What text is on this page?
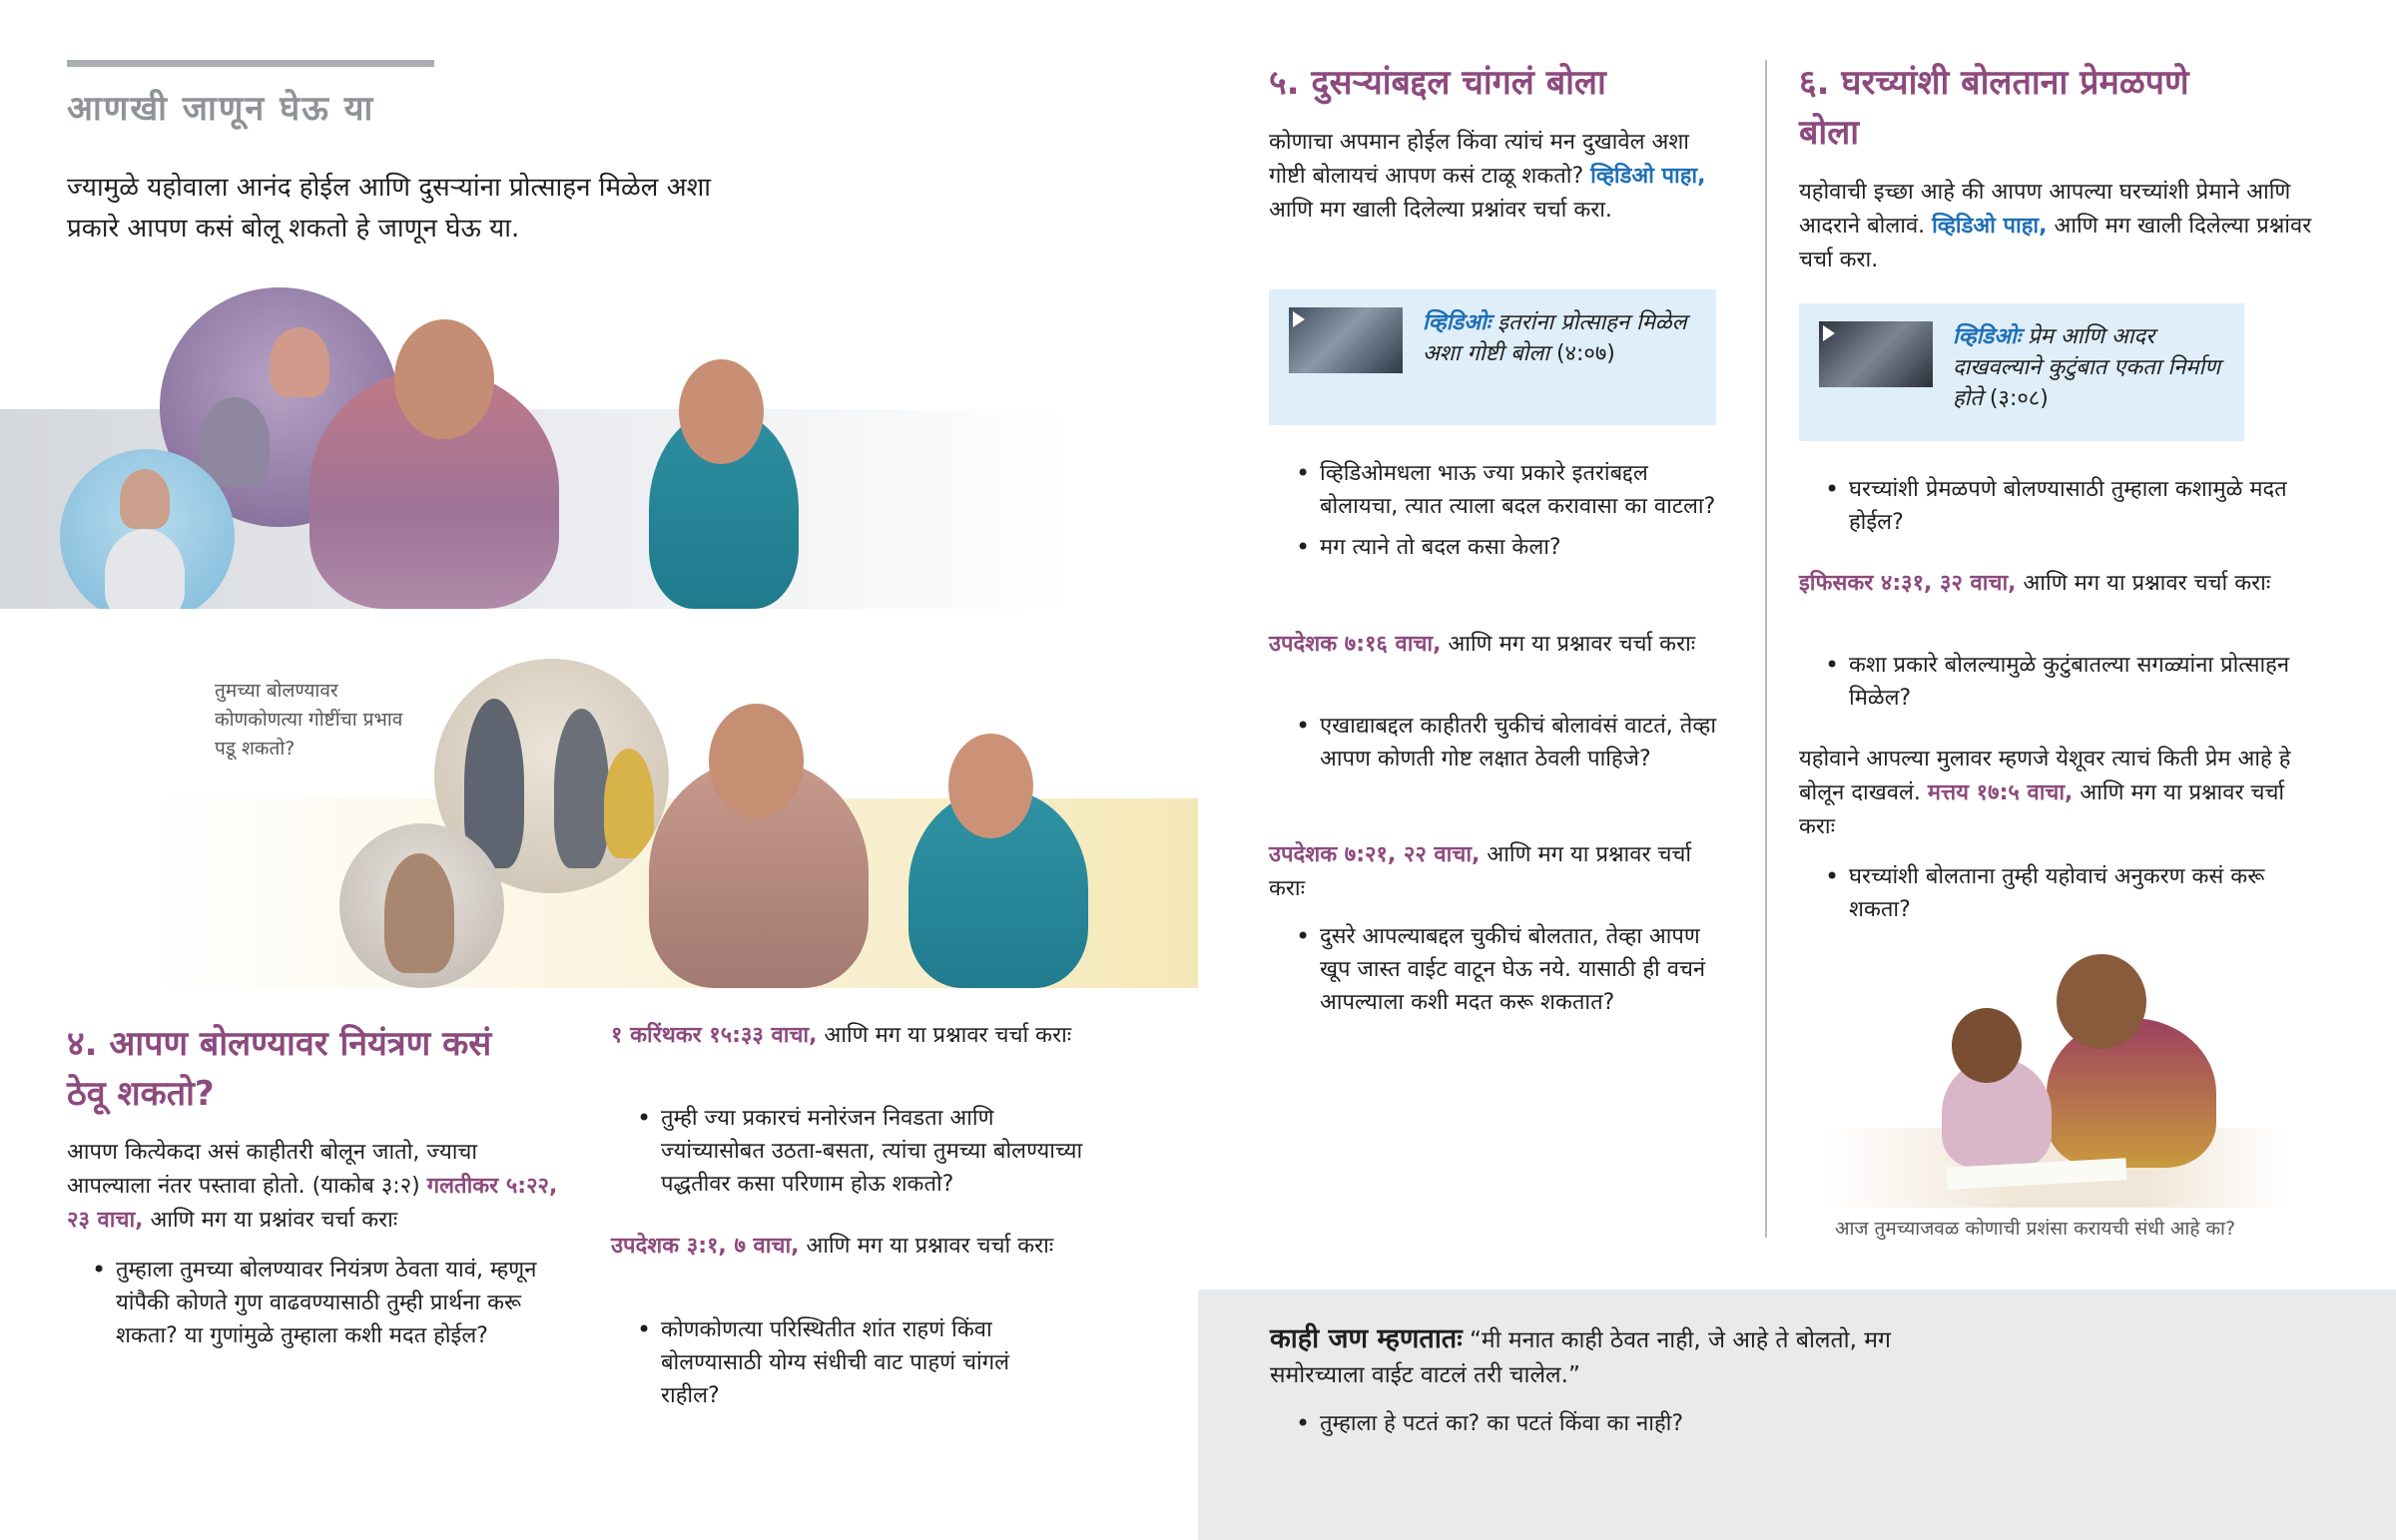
आणखी जाणून घेऊ या

ज्यामुळे यहोवाला आनंद होईल आणि दुसऱ्यांना प्रोत्साहन मिळेल अशा प्रकारे आपण कसं बोलू शकतो हे जाणून घेऊ या.

तुमच्या बोलण्यावर कोणकोणत्या गोष्टींचा प्रभाव पडू शकतो?

४. आपण बोलण्यावर नियंत्रण कसं ठेवू शकतो?

आपण कित्येकदा असं काहीतरी बोलून जातो, ज्याचा आपल्याला नंतर पस्तावा होतो. (याकोब ३:२) गलतीकर ५:२२, २३ वाचा, आणि मग या प्रश्नांवर चर्चा कराः

• तुम्हाला तुमच्या बोलण्यावर नियंत्रण ठेवता यावं, म्हणून यांपैकी कोणते गुण वाढवण्यासाठी तुम्ही प्रार्थना करू शकता? या गुणांमुळे तुम्हाला कशी मदत होईल?

१ करिंथकर १५:३३ वाचा, आणि मग या प्रश्नावर चर्चा कराः

• तुम्ही ज्या प्रकारचं मनोरंजन निवडता आणि ज्यांच्यासोबत उठता-बसता, त्यांचा तुमच्या बोलण्याच्या पद्धतीवर कसा परिणाम होऊ शकतो?

उपदेशक ३:१, ७ वाचा, आणि मग या प्रश्नावर चर्चा कराः

• कोणकोणत्या परिस्थितीत शांत राहणं किंवा बोलण्यासाठी योग्य संधीची वाट पाहणं चांगलं राहील?
५. दुसऱ्यांबद्दल चांगलं बोला

कोणाचा अपमान होईल किंवा त्यांचं मन दुखावेल अशा गोष्टी बोलायचं आपण कसं टाळू शकतो? व्हिडिओ पाहा, आणि मग खाली दिलेल्या प्रश्नांवर चर्चा करा.

व्हिडिओः इतरांना प्रोत्साहन मिळेल अशा गोष्टी बोला (४:०७)
• व्हिडिओमधला भाऊ ज्या प्रकारे इतरांबद्दल बोलायचा, त्यात त्याला बदल करावासा का वाटला?
• मग त्याने तो बदल कसा केला?

उपदेशक ७:१६ वाचा, आणि मग या प्रश्नावर चर्चा कराः

• एखाद्याबद्दल काहीतरी चुकीचं बोलावंसं वाटतं, तेव्हा आपण कोणती गोष्ट लक्षात ठेवली पाहिजे?

उपदेशक ७:२१, २२ वाचा, आणि मग या प्रश्नावर चर्चा कराः

• दुसरे आपल्याबद्दल चुकीचं बोलतात, तेव्हा आपण खूप जास्त वाईट वाटून घेऊ नये. यासाठी ही वचनं आपल्याला कशी मदत करू शकतात?
६. घरच्यांशी बोलताना प्रेमळपणे बोला

यहोवाची इच्छा आहे की आपण आपल्या घरच्यांशी प्रेमाने आणि आदराने बोलावं. व्हिडिओ पाहा, आणि मग खाली दिलेल्या प्रश्नांवर चर्चा करा.

व्हिडिओः प्रेम आणि आदर दाखवल्याने कुटुंबात एकता निर्माण होते (३:०८)
• घरच्यांशी प्रेमळपणे बोलण्यासाठी तुम्हाला कशामुळे मदत होईल?

इफिसकर ४:३१, ३२ वाचा, आणि मग या प्रश्नावर चर्चा कराः

• कशा प्रकारे बोलल्यामुळे कुटुंबातल्या सगळ्यांना प्रोत्साहन मिळेल?

यहोवाने आपल्या मुलावर म्हणजे येशूवर त्याचं किती प्रेम आहे हे बोलून दाखवलं. मत्तय १७:५ वाचा, आणि मग या प्रश्नावर चर्चा कराः

• घरच्यांशी बोलताना तुम्ही यहोवाचं अनुकरण कसं करू शकता?

आज तुमच्याजवळ कोणाची प्रशंसा करायची संधी आहे का?

काही जण म्हणतातः “मी मनात काही ठेवत नाही, जे आहे ते बोलतो, मग समोरच्याला वाईट वाटलं तरी चालेल.”

• तुम्हाला हे पटतं का? का पटतं किंवा का नाही?
